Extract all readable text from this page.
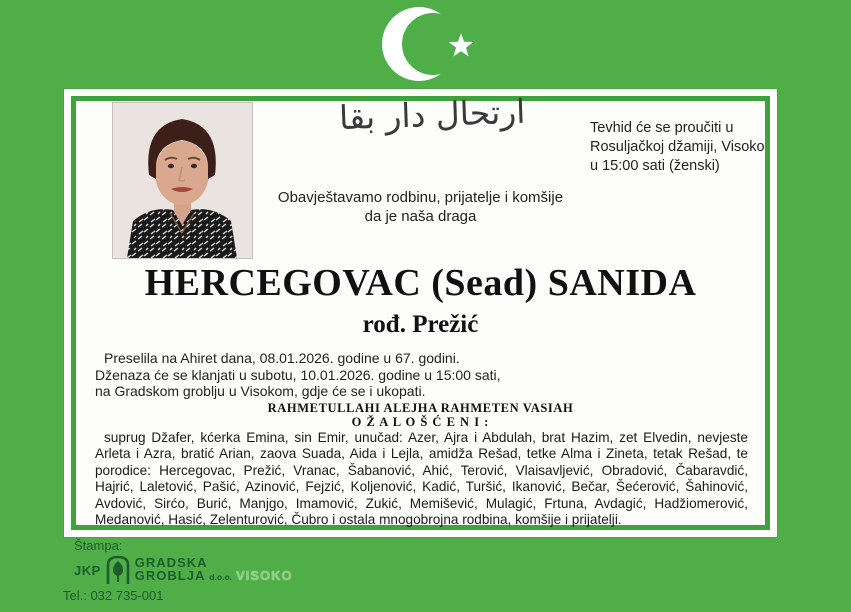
ارتحال دار بقا	Tevhid će se proučiti u
Rosuljačkoj džamiji, Visoko
u 15:00 sati (ženski)
Obavještavamo rodbinu, prijatelje i komšije
da je naša draga
HERCEGOVAC (Sead) SANIDA
rođ. Prežić
Preselila na Ahiret dana, 08.01.2026. godine u 67. godini.
Dženaza će se klanjati u subotu, 10.01.2026. godine u 15:00 sati,
na Gradskom groblju u Visokom, gdje će se i ukopati.
RAHMETULLAHI ALEJHA RAHMETEN VASIAH
O Ž A L O Š Ć E N I :
suprug Džafer, kćerka Emina, sin Emir, unučad: Azer, Ajra i Abdulah, brat Hazim, zet Elvedin, nevjeste Arleta i Azra, bratić Arian, zaova Suada, Aida i Lejla, amidža Rešad, tetke Alma i Zineta, tetak Rešad, te porodice: Hercegovac, Prežić, Vranac, Šabanović, Ahić, Terović, Vlaisavljević, Obradović, Čabaravdić, Hajrić, Laletović, Pašić, Azinović, Fejzić, Koljenović, Kadić, Turšić, Ikanović, Bečar, Šećerović, Šahinović, Avdović, Sirćo, Burić, Manjgo, Imamović, Zukić, Memišević, Mulagić, Frtuna, Avdagić, Hadžiomerović, Medanović, Hasić, Zelenturović, Čubro i ostala mnogobrojna rodbina, komšije i prijatelji.
Štampa:
JKP	GRADSKA
GROBLJA d.o.o. VISOKO
Tel.: 032 735-001
